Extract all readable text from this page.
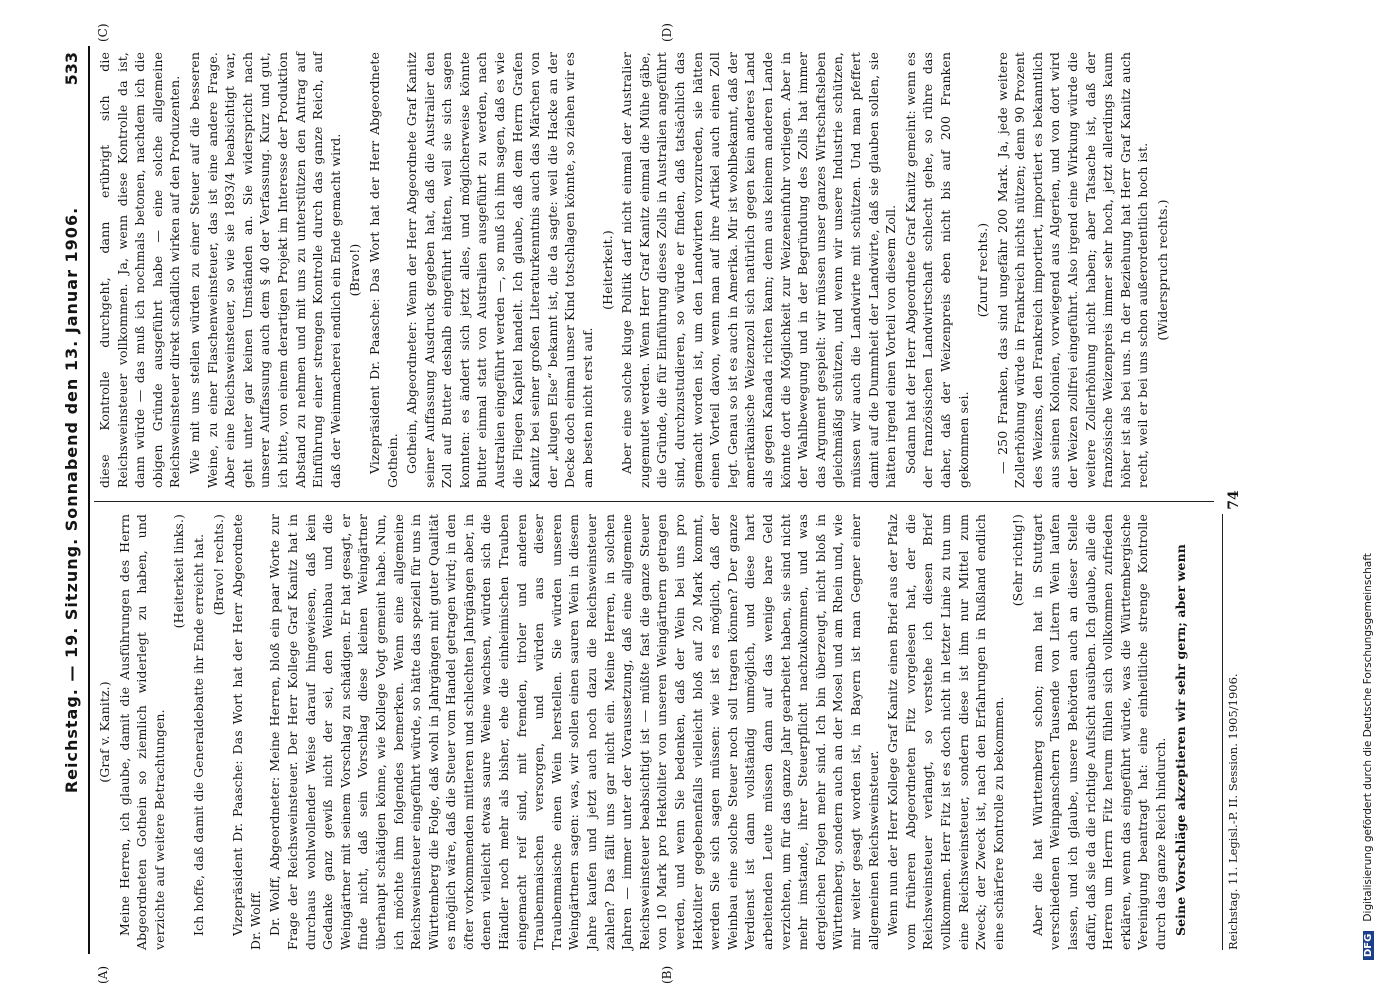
Reichstag. — 19. Sitzung. Sonnabend den 13. Januar 1906.
533
(A)	(B)
(C)	(D)

(Graf v. Kanitz.) Meine Herren, ich glaube, damit die Ausführungen des Herrn Abgeordneten Gothein so ziemlich widerlegt zu haben, und verzichte auf weitere Betrachtungen.

(Heiterkeit links.) Ich hoffe, daß damit die Generaldebatte ihr Ende erreicht hat. (Bravo! rechts.) Vizepräsident Dr. Paasche: Das Wort hat der Herr Abgeordnete Dr. Wolff. Dr. Wolff, Abgeordneter: Meine Herren, bloß ein paar Worte zur Frage der Reichsweinsteuer. Der Herr Kollege Graf Kanitz hat in durchaus wohlwollender Weise darauf hingewiesen, daß kein Gedanke ganz gewiß nicht der sei, den Weinbau und die Weingärtner mit seinem Vorschlag zu schädigen. Er hat gesagt, er finde nicht, daß sein Vorschlag diese kleinen Weingärtner überhaupt schädigen könne, wie Kollege Vogt gemeint habe. Nun, ich möchte ihm folgendes bemerken. Wenn eine allgemeine Reichsweinsteuer eingeführt würde, so hätte das speziell für uns in Württemberg die Folge, daß wohl in Jahrgängen mit guter Qualität es möglich wäre, daß die Steuer vom Handel getragen wird; in den öfter vorkommenden mittleren und schlechten Jahrgängen aber, in denen vielleicht etwas saure Weine wachsen, würden sich die Händler noch mehr als bisher, ehe die einheimischen Trauben eingemacht reif sind, mit fremden, tiroler und anderen Traubenmaischen versorgen, und würden aus dieser Traubenmaische einen Wein herstellen. Sie würden unseren Weingärtnern sagen: was, wir sollen einen sauren Wein in diesem Jahre kaufen und jetzt auch noch dazu die Reichsweinsteuer zahlen? Das fällt uns gar nicht ein. Meine Herren, in solchen Jahren — immer unter der Voraussetzung, daß eine allgemeine Reichsweinsteuer beabsichtigt ist — müßte fast die ganze Steuer von 10 Mark pro Hektoliter von unseren Weingärtnern getragen werden, und wenn Sie bedenken, daß der Wein bei uns pro Hektoliter gegebenenfalls vielleicht bloß auf 20 Mark kommt, werden Sie sich sagen müssen: wie ist es möglich, daß der Weinbau eine solche Steuer noch soll tragen können? Der ganze Verdienst ist dann vollständig unmöglich, und diese hart arbeitenden Leute müssen dann auf das wenige bare Geld verzichten, um für das ganze Jahr gearbeitet haben, sie sind nicht mehr imstande, ihrer Steuerpflicht nachzukommen, und was dergleichen Folgen mehr sind. Ich bin überzeugt, nicht bloß in Württemberg, sondern auch an der Mosel und am Rhein und, wie mir weiter gesagt worden ist, in Bayern ist man Gegner einer allgemeinen Reichsweinsteuer. Wenn nun der Herr Kollege Graf Kanitz einen Brief aus der Pfalz vom früheren Abgeordneten Fitz vorgelesen hat, der die Reichsweinsteuer verlangt, so verstehe ich diesen Brief vollkommen. Herr Fitz ist es doch nicht in letzter Linie zu tun um eine Reichsweinsteuer, sondern diese ist ihm nur Mittel zum Zweck; der Zweck ist, nach den Erfahrungen in Rußland endlich eine schärfere Kontrolle zu bekommen.

(Sehr richtig!) Aber die hat Württemberg schon; man hat in Stuttgart verschiedenen Weinpanschern Tausende von Litern Wein laufen lassen, und ich glaube, unsere Behörden auch an dieser Stelle dafür, daß sie da die richtige Aufsicht ausüben. Ich glaube, alle die Herren um Herrn Fitz herum fühlen sich vollkommen zufrieden erklären, wenn das eingeführt würde, was die Württembergische Vereinigung beantragt hat: eine einheitliche strenge Kontrolle durch das ganze Reich hindurch. Seine Vorschläge akzeptieren wir sehr gern; aber wenn

diese Kontrolle durchgeht, dann erübrigt sich die Reichsweinsteuer vollkommen. Ja, wenn diese Kontrolle da ist, dann würde — das muß ich nochmals betonen, nachdem ich die obigen Gründe ausgeführt habe — eine solche allgemeine Reichsweinsteuer direkt schädlich wirken auf den Produzenten. Wie mit uns stellen würden zu einer Steuer auf die besseren Weine, zu einer Flaschenweinsteuer, das ist eine andere Frage. Aber eine Reichsweinsteuer, so wie sie 1893/4 beabsichtigt war, geht unter gar keinen Umständen an. Sie widerspricht nach unserer Auffassung auch dem § 40 der Verfassung. Kurz und gut, ich bitte, von einem derartigen Projekt im Interesse der Produktion Abstand zu nehmen und mit uns zu unterstützen den Antrag auf Einführung einer strengen Kontrolle durch das ganze Reich, auf daß der Weinmacherei endlich ein Ende gemacht wird. (Bravo!) Vizepräsident Dr. Paasche: Das Wort hat der Herr Abgeordnete Gothein. Gothein, Abgeordneter: Wenn der Herr Abgeordnete Graf Kanitz seiner Auffassung Ausdruck gegeben hat, daß die Australier den Zoll auf Butter deshalb eingeführt hätten, weil sie sich sagen konnten: es ändert sich jetzt alles, und möglicherweise könnte Butter einmal statt von Australien ausgeführt zu werden, nach Australien eingeführt werden —, so muß ich ihm sagen, daß es wie die Fliegen Kapitel handelt. Ich glaube, daß dem Herrn Grafen Kanitz bei seiner großen Literaturkenntnis auch das Märchen von der „klugen Else“ bekannt ist, die da sagte: weil die Hacke an der Decke doch einmal unser Kind totschlagen könnte, so ziehen wir es am besten nicht erst auf.

(Heiterkeit.) Aber eine solche kluge Politik darf nicht einmal der Australier zugemutet werden. Wenn Herr Graf Kanitz einmal die Mühe gäbe, die Gründe, die für Einführung dieses Zolls in Australien angeführt sind, durchzustudieren, so würde er finden, daß tatsächlich das gemacht worden ist, um den Landwirten vorzureden, sie hätten einen Vorteil davon, wenn man auf ihre Artikel auch einen Zoll legt. Genau so ist es auch in Amerika. Mir ist wohlbekannt, daß der amerikanische Weizenzoll sich natürlich gegen kein anderes Land als gegen Kanada richten kann; denn aus keinem anderen Lande könnte dort die Möglichkeit zur Weizeneinfuhr vorliegen. Aber in der Wahlbewegung und in der Begründung des Zolls hat immer das Argument gespielt: wir müssen unser ganzes Wirtschaftsleben gleichmäßig schützen, und wenn wir unsere Industrie schützen, müssen wir auch die Landwirte mit schützen. Und man pfeffert damit auf die Dummheit der Landwirte, daß sie glauben sollen, sie hätten irgend einen Vorteil von diesem Zoll. Sodann hat der Herr Abgeordnete Graf Kanitz gemeint: wenn es der französischen Landwirtschaft schlecht gehe, so rühre das daher, daß der Weizenpreis eben nicht bis auf 200 Franken gekommen sei.

(Zuruf rechts.) — 250 Franken, das sind ungefähr 200 Mark. Ja, jede weitere Zollerhöhung würde in Frankreich nichts nützen; denn 90 Prozent des Weizens, den Frankreich importiert, importiert es bekanntlich aus seinen Kolonien, vorwiegend aus Algerien, und von dort wird der Weizen zollfrei eingeführt. Also irgend eine Wirkung würde die weitere Zollerhöhung nicht haben; aber Tatsache ist, daß der französische Weizenpreis immer sehr hoch, jetzt allerdings kaum höher ist als bei uns. In der Beziehung hat Herr Graf Kanitz auch recht, weil er bei uns schon außerordentlich hoch ist. (Widerspruch rechts.)

Reichstag. 11. Legisl.-P. II. Session. 1905/1906.
74
DFG Digitalisierung gefördert durch die Deutsche Forschungsgemeinschaft
